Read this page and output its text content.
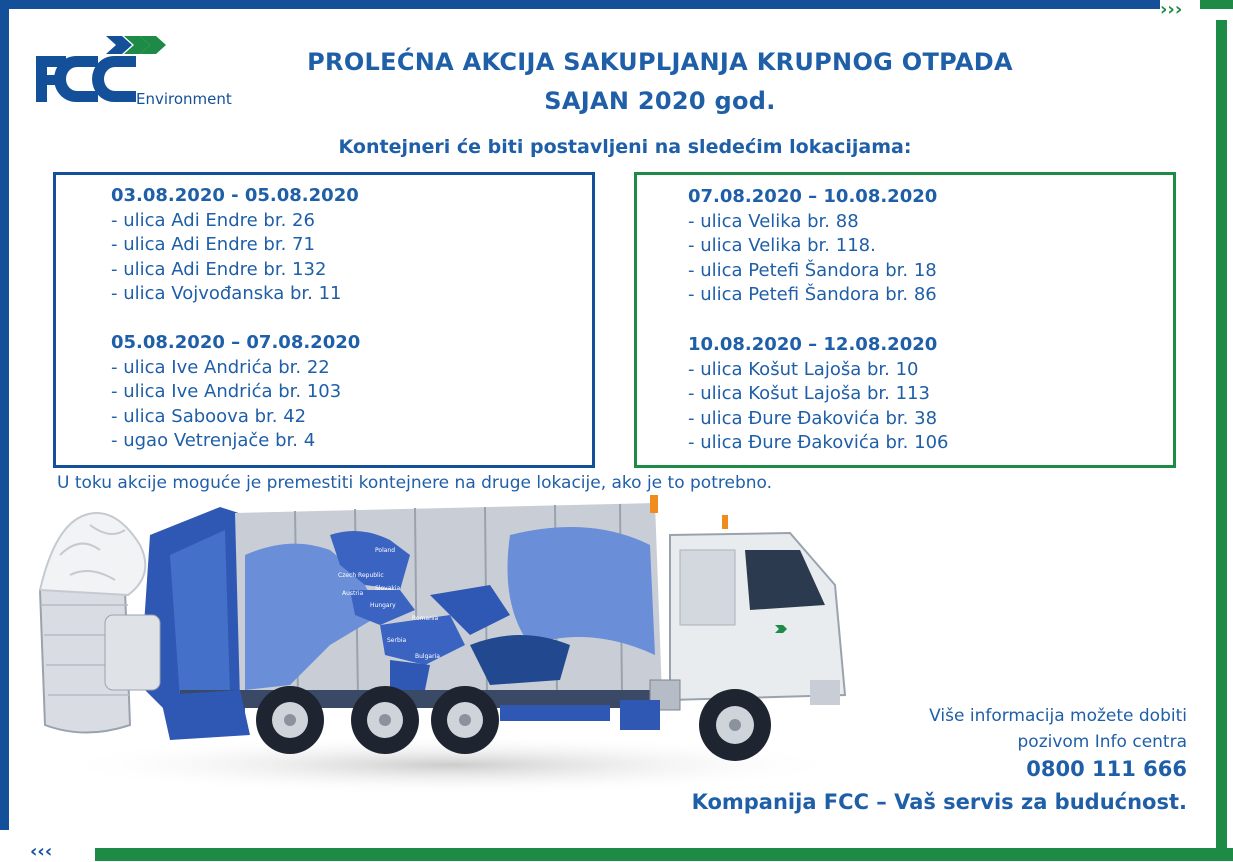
›››
‹‹‹
Environment
PROLEĆNA AKCIJA SAKUPLJANJA KRUPNOG OTPADA
SAJAN 2020 god.
Kontejneri će biti postavljeni na sledećim lokacijama:
03.08.2020 - 05.08.2020
- ulica Adi Endre br. 26
- ulica Adi Endre br. 71
- ulica Adi Endre br. 132
- ulica Vojvođanska br. 11
05.08.2020 – 07.08.2020
- ulica Ive Andrića br. 22
- ulica Ive Andrića br. 103
- ulica Saboova br. 42
- ugao Vetrenjače br. 4
07.08.2020 – 10.08.2020
- ulica Velika br. 88
- ulica Velika br. 118.
- ulica Petefi Šandora br. 18
- ulica Petefi Šandora br. 86
10.08.2020 – 12.08.2020
- ulica Košut Lajoša br. 10
- ulica Košut Lajoša br. 113
- ulica Đure Đakovića br. 38
- ulica Đure Đakovića br. 106
U toku akcije moguće je premestiti kontejnere na druge lokacije, ako je to potrebno.
Poland
Czech Republic
Slovakia
Austria
Hungary
Romania
Serbia
Bulgaria
Više informacija možete dobiti
pozivom Info centra
0800 111 666
Kompanija FCC – Vaš servis za budućnost.
